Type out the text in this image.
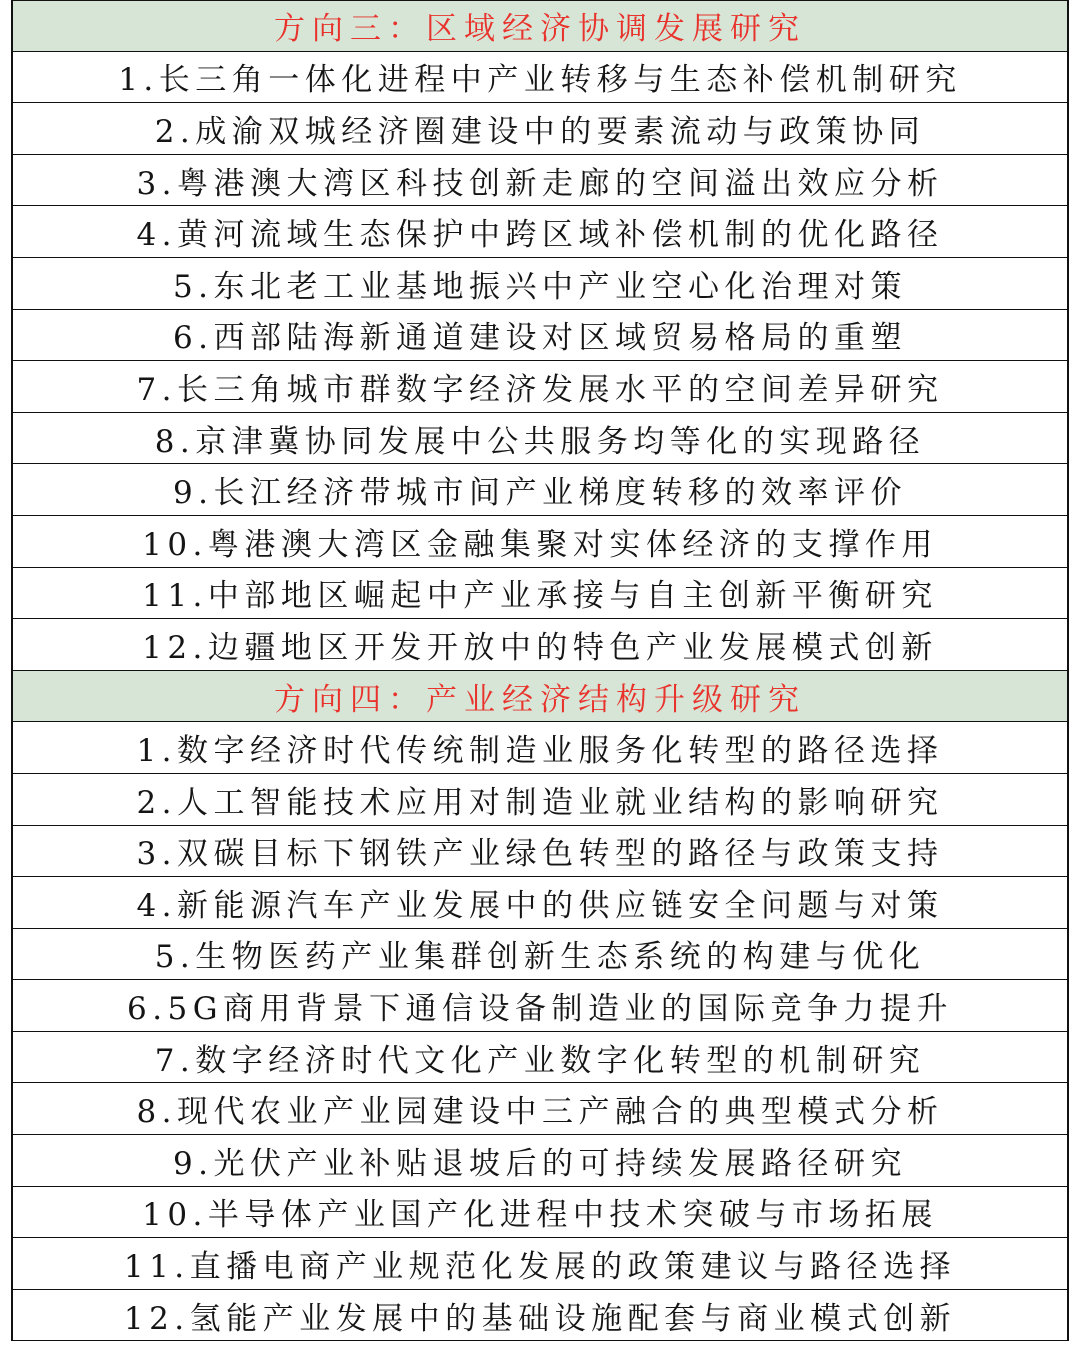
方向三：区域经济协调发展研究
1.长三角一体化进程中产业转移与生态补偿机制研究
2.成渝双城经济圈建设中的要素流动与政策协同
3.粤港澳大湾区科技创新走廊的空间溢出效应分析
4.黄河流域生态保护中跨区域补偿机制的优化路径
5.东北老工业基地振兴中产业空心化治理对策
6.西部陆海新通道建设对区域贸易格局的重塑
7.长三角城市群数字经济发展水平的空间差异研究
8.京津冀协同发展中公共服务均等化的实现路径
9.长江经济带城市间产业梯度转移的效率评价
10.粤港澳大湾区金融集聚对实体经济的支撑作用
11.中部地区崛起中产业承接与自主创新平衡研究
12.边疆地区开发开放中的特色产业发展模式创新
方向四：产业经济结构升级研究
1.数字经济时代传统制造业服务化转型的路径选择
2.人工智能技术应用对制造业就业结构的影响研究
3.双碳目标下钢铁产业绿色转型的路径与政策支持
4.新能源汽车产业发展中的供应链安全问题与对策
5.生物医药产业集群创新生态系统的构建与优化
6.5G商用背景下通信设备制造业的国际竞争力提升
7.数字经济时代文化产业数字化转型的机制研究
8.现代农业产业园建设中三产融合的典型模式分析
9.光伏产业补贴退坡后的可持续发展路径研究
10.半导体产业国产化进程中技术突破与市场拓展
11.直播电商产业规范化发展的政策建议与路径选择
12.氢能产业发展中的基础设施配套与商业模式创新
